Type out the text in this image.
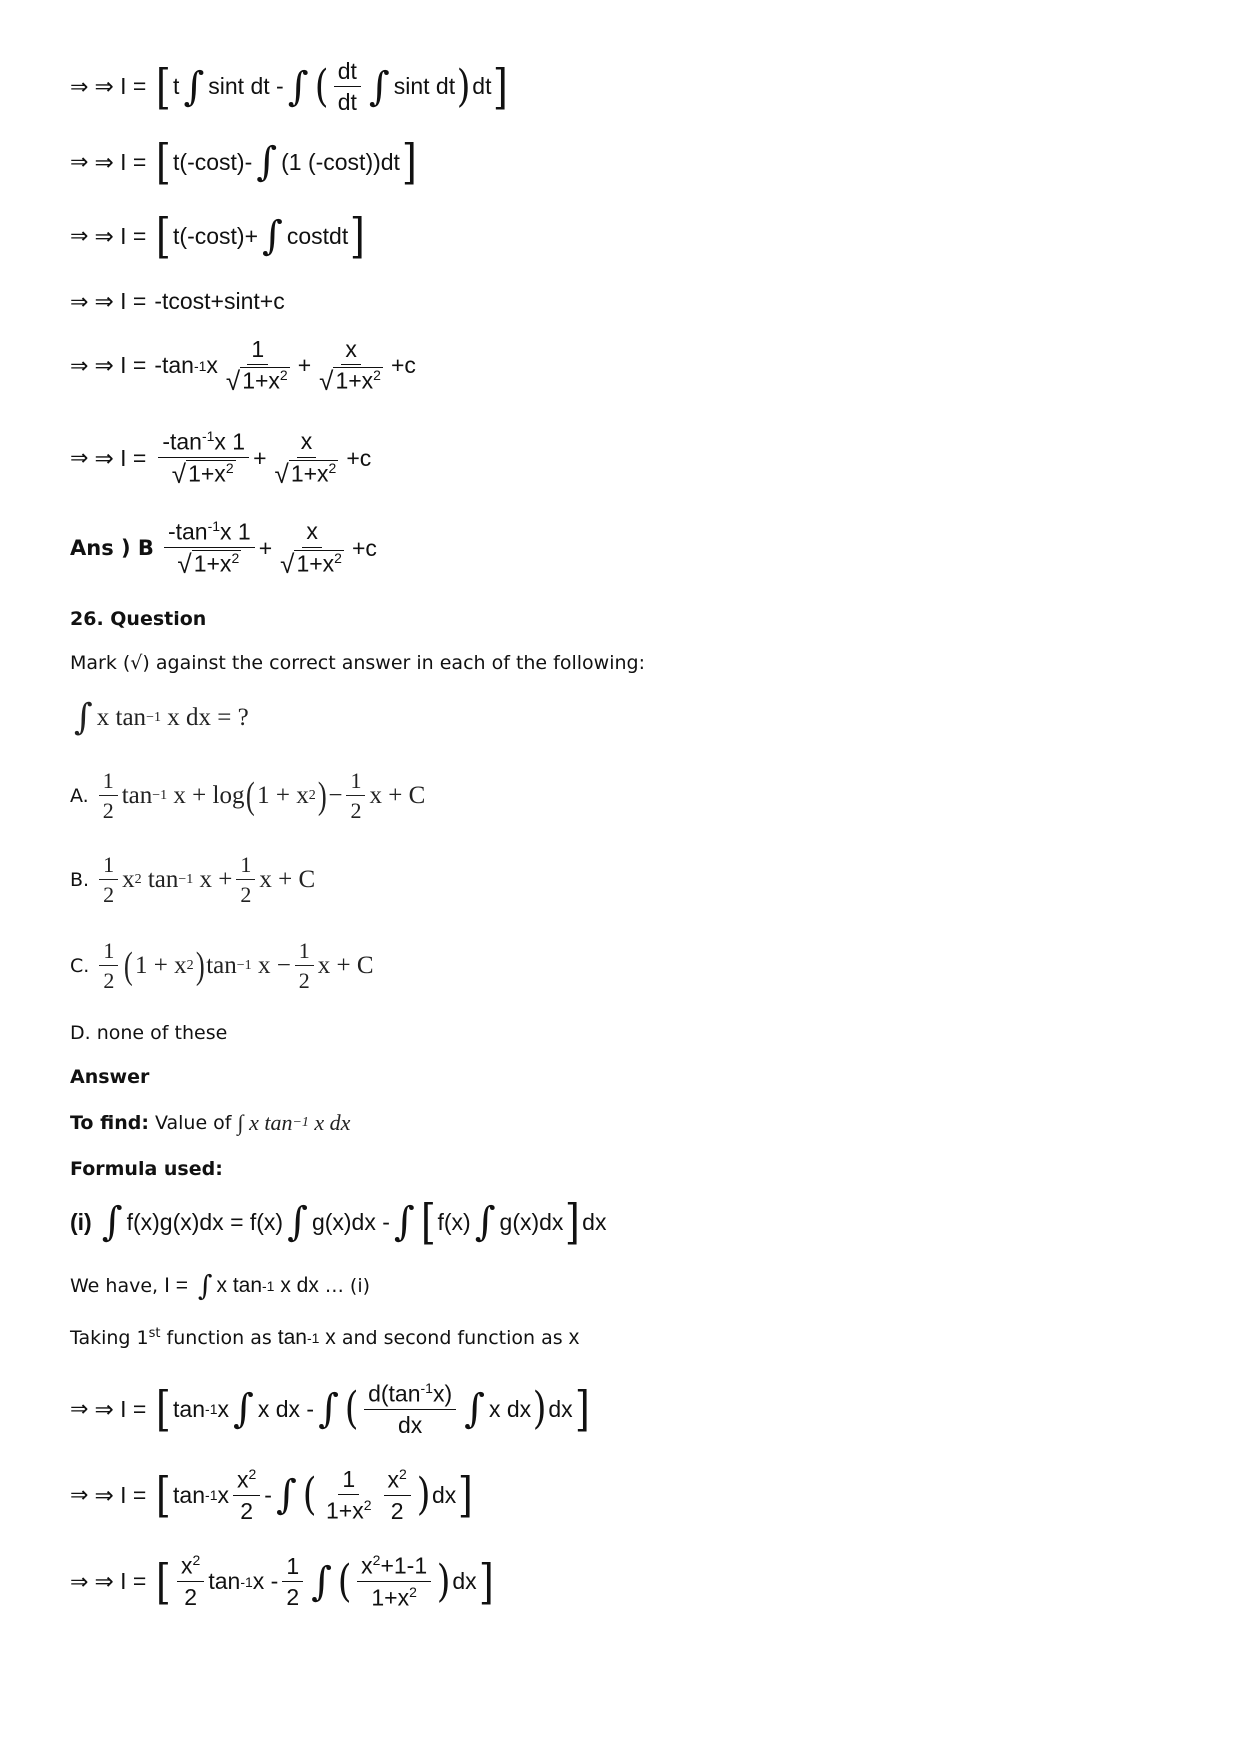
⇒ ⇒ I = [ t ∫ sint dt - ∫ ( $\frac{dt}{dt}$ ∫ sint dt ) dt ]
⇒ ⇒ I = [ t(-cost)- ∫ (1 (-cost))dt ]
⇒ ⇒ I = [ t(-cost)+ ∫ costdt ]
⇒ ⇒ I = -tcost+sint+c
⇒ ⇒ I = -tan -1 x $\frac{1}{√ 1+x^2} + \frac{x}{√ 1+x^2} +c$
⇒ ⇒ $I = \frac{-\tan^{-1}x 1}{√ 1+x^2} + \frac{x}{√ 1+x^2} +c$
Ans ) B $\frac{-\tan^{-1}x 1}{√ 1+x^2} + \frac{x}{√ 1+x^2} +c$
26. Question
Mark (√) against the correct answer in each of the following:
∫ x tan −1
x dx = ?
A. $\frac{1}{2}$ tan −1
x + log ( 1 + x 2 ) − $\frac{1}{2}$ x + C
B. $\frac{1}{2}$ x 2
tan −1
$x + \frac{1}{2}$ x + C
C. $\frac{1}{2}$ ( 1 + x 2 ) tan −1
$x - \frac{1}{2}$ x + C
D. none of these
Answer
To find:
Value of
∫
x tan −1
x dx
Formula used:
(i) ∫ f(x)g(x)dx = f(x) ∫ g(x)dx - ∫ [ f (x) ∫ g(x)dx ] dx
We have,
I =
∫ x tan -1
x dx
… (i)
Taking 1st
function as
tan -1
x
and second function as
x
⇒ ⇒ I = [ tan -1 x ∫ x dx - ∫ ( $\frac{d(\tan^{-1}x)}{dx}$ ∫ x dx ) dx ]
⇒ ⇒ I = [ tan -1 x $\frac{x^2}{2}$ - ∫ ( $\frac{1}{1+x^2} \frac{x^2}{2}$ ) dx ]
⇒ ⇒ I = [ $\frac{x^2}{2}$ tan -1 x - $\frac{1}{2}$ ∫ ( $\frac{x^2+1-1}{1+x^2}$ ) dx ]
